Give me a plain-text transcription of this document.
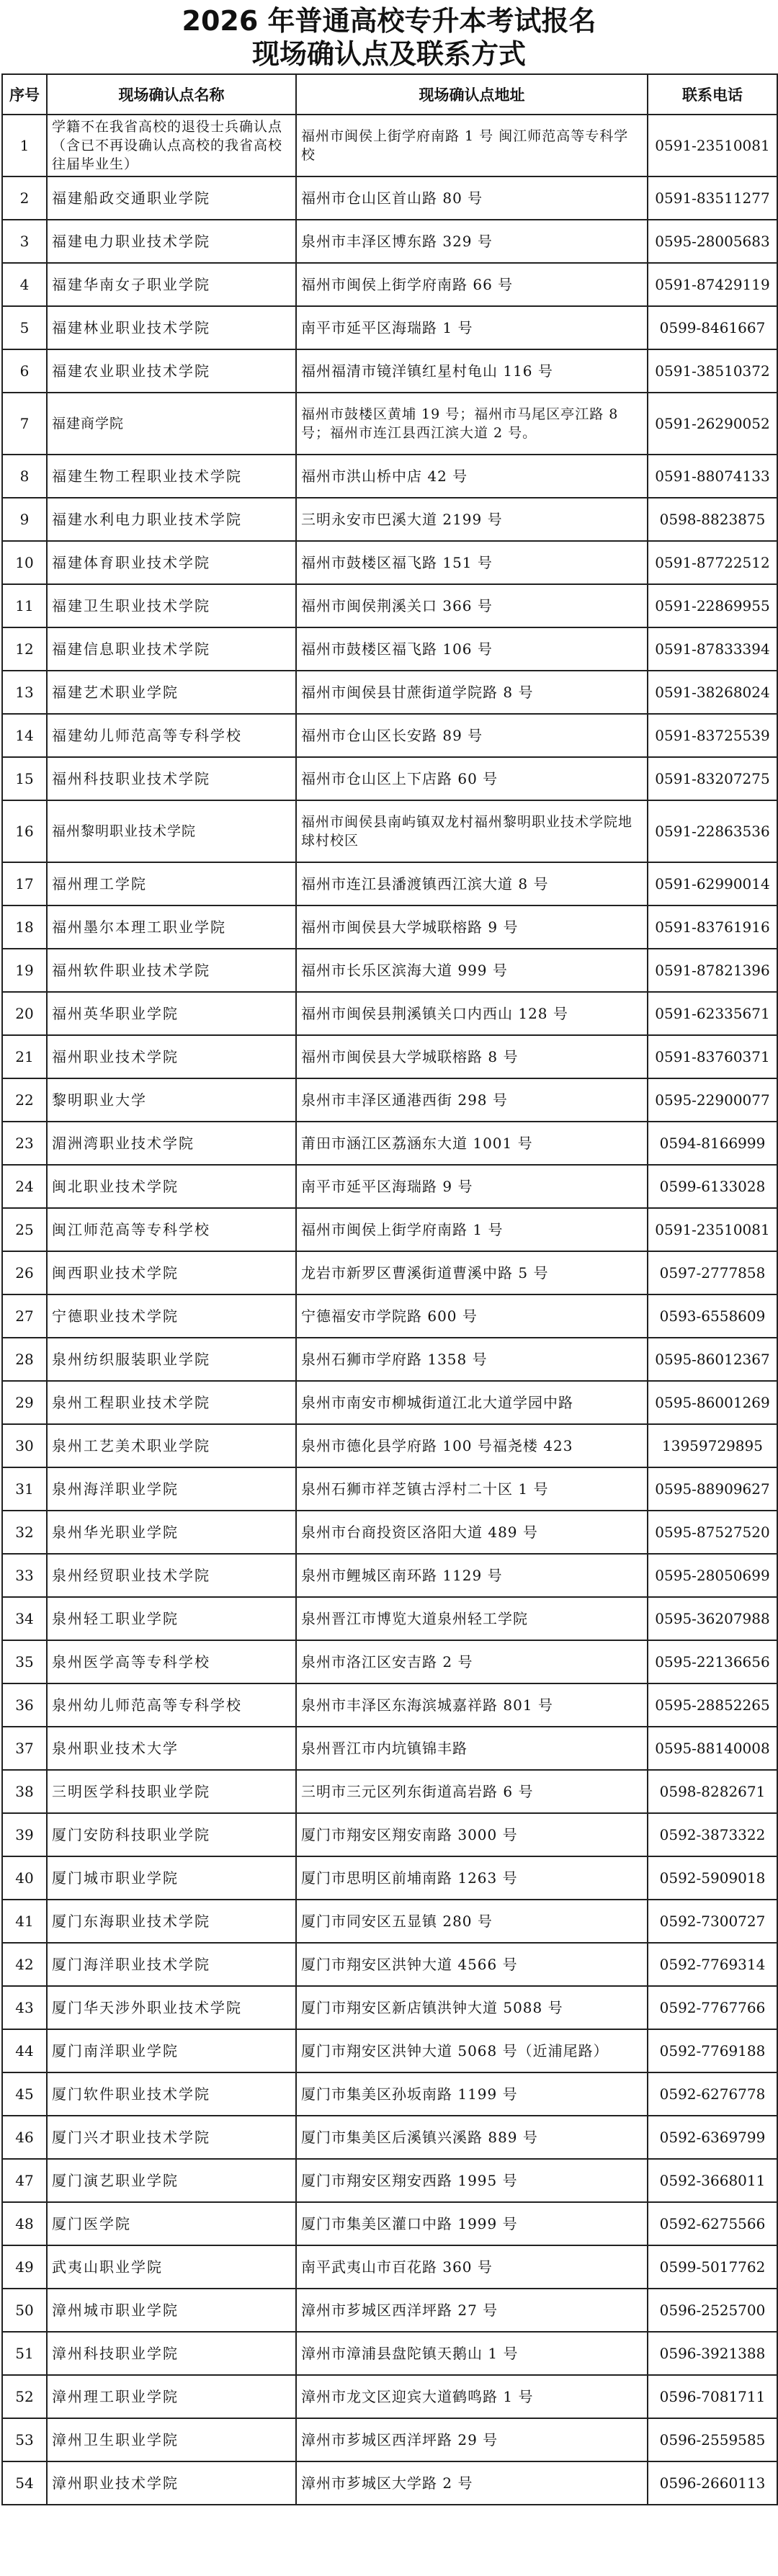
2026 年普通高校专升本考试报名
现场确认点及联系方式
序号	现场确认点名称	现场确认点地址	联系电话
1	学籍不在我省高校的退役士兵确认点（含已不再设确认点高校的我省高校往届毕业生）	福州市闽侯上街学府南路 1 号 闽江师范高等专科学校	0591-23510081
2	福建船政交通职业学院	福州市仓山区首山路 80 号	0591-83511277
3	福建电力职业技术学院	泉州市丰泽区博东路 329 号	0595-28005683
4	福建华南女子职业学院	福州市闽侯上街学府南路 66 号	0591-87429119
5	福建林业职业技术学院	南平市延平区海瑞路 1 号	0599-8461667
6	福建农业职业技术学院	福州福清市镜洋镇红星村龟山 116 号	0591-38510372
7	福建商学院	福州市鼓楼区黄埔 19 号；福州市马尾区亭江路 8 号；福州市连江县西江滨大道 2 号。	0591-26290052
8	福建生物工程职业技术学院	福州市洪山桥中店 42 号	0591-88074133
9	福建水利电力职业技术学院	三明永安市巴溪大道 2199 号	0598-8823875
10	福建体育职业技术学院	福州市鼓楼区福飞路 151 号	0591-87722512
11	福建卫生职业技术学院	福州市闽侯荆溪关口 366 号	0591-22869955
12	福建信息职业技术学院	福州市鼓楼区福飞路 106 号	0591-87833394
13	福建艺术职业学院	福州市闽侯县甘蔗街道学院路 8 号	0591-38268024
14	福建幼儿师范高等专科学校	福州市仓山区长安路 89 号	0591-83725539
15	福州科技职业技术学院	福州市仓山区上下店路 60 号	0591-83207275
16	福州黎明职业技术学院	福州市闽侯县南屿镇双龙村福州黎明职业技术学院地球村校区	0591-22863536
17	福州理工学院	福州市连江县潘渡镇西江滨大道 8 号	0591-62990014
18	福州墨尔本理工职业学院	福州市闽侯县大学城联榕路 9 号	0591-83761916
19	福州软件职业技术学院	福州市长乐区滨海大道 999 号	0591-87821396
20	福州英华职业学院	福州市闽侯县荆溪镇关口内西山 128 号	0591-62335671
21	福州职业技术学院	福州市闽侯县大学城联榕路 8 号	0591-83760371
22	黎明职业大学	泉州市丰泽区通港西街 298 号	0595-22900077
23	湄洲湾职业技术学院	莆田市涵江区荔涵东大道 1001 号	0594-8166999
24	闽北职业技术学院	南平市延平区海瑞路 9 号	0599-6133028
25	闽江师范高等专科学校	福州市闽侯上街学府南路 1 号	0591-23510081
26	闽西职业技术学院	龙岩市新罗区曹溪街道曹溪中路 5 号	0597-2777858
27	宁德职业技术学院	宁德福安市学院路 600 号	0593-6558609
28	泉州纺织服装职业学院	泉州石狮市学府路 1358 号	0595-86012367
29	泉州工程职业技术学院	泉州市南安市柳城街道江北大道学园中路	0595-86001269
30	泉州工艺美术职业学院	泉州市德化县学府路 100 号福尧楼 423	13959729895
31	泉州海洋职业学院	泉州石狮市祥芝镇古浮村二十区 1 号	0595-88909627
32	泉州华光职业学院	泉州市台商投资区洛阳大道 489 号	0595-87527520
33	泉州经贸职业技术学院	泉州市鲤城区南环路 1129 号	0595-28050699
34	泉州轻工职业学院	泉州晋江市博览大道泉州轻工学院	0595-36207988
35	泉州医学高等专科学校	泉州市洛江区安吉路 2 号	0595-22136656
36	泉州幼儿师范高等专科学校	泉州市丰泽区东海滨城嘉祥路 801 号	0595-28852265
37	泉州职业技术大学	泉州晋江市内坑镇锦丰路	0595-88140008
38	三明医学科技职业学院	三明市三元区列东街道高岩路 6 号	0598-8282671
39	厦门安防科技职业学院	厦门市翔安区翔安南路 3000 号	0592-3873322
40	厦门城市职业学院	厦门市思明区前埔南路 1263 号	0592-5909018
41	厦门东海职业技术学院	厦门市同安区五显镇 280 号	0592-7300727
42	厦门海洋职业技术学院	厦门市翔安区洪钟大道 4566 号	0592-7769314
43	厦门华天涉外职业技术学院	厦门市翔安区新店镇洪钟大道 5088 号	0592-7767766
44	厦门南洋职业学院	厦门市翔安区洪钟大道 5068 号（近浦尾路）	0592-7769188
45	厦门软件职业技术学院	厦门市集美区孙坂南路 1199 号	0592-6276778
46	厦门兴才职业技术学院	厦门市集美区后溪镇兴溪路 889 号	0592-6369799
47	厦门演艺职业学院	厦门市翔安区翔安西路 1995 号	0592-3668011
48	厦门医学院	厦门市集美区灌口中路 1999 号	0592-6275566
49	武夷山职业学院	南平武夷山市百花路 360 号	0599-5017762
50	漳州城市职业学院	漳州市芗城区西洋坪路 27 号	0596-2525700
51	漳州科技职业学院	漳州市漳浦县盘陀镇天鹅山 1 号	0596-3921388
52	漳州理工职业学院	漳州市龙文区迎宾大道鹤鸣路 1 号	0596-7081711
53	漳州卫生职业学院	漳州市芗城区西洋坪路 29 号	0596-2559585
54	漳州职业技术学院	漳州市芗城区大学路 2 号	0596-2660113
